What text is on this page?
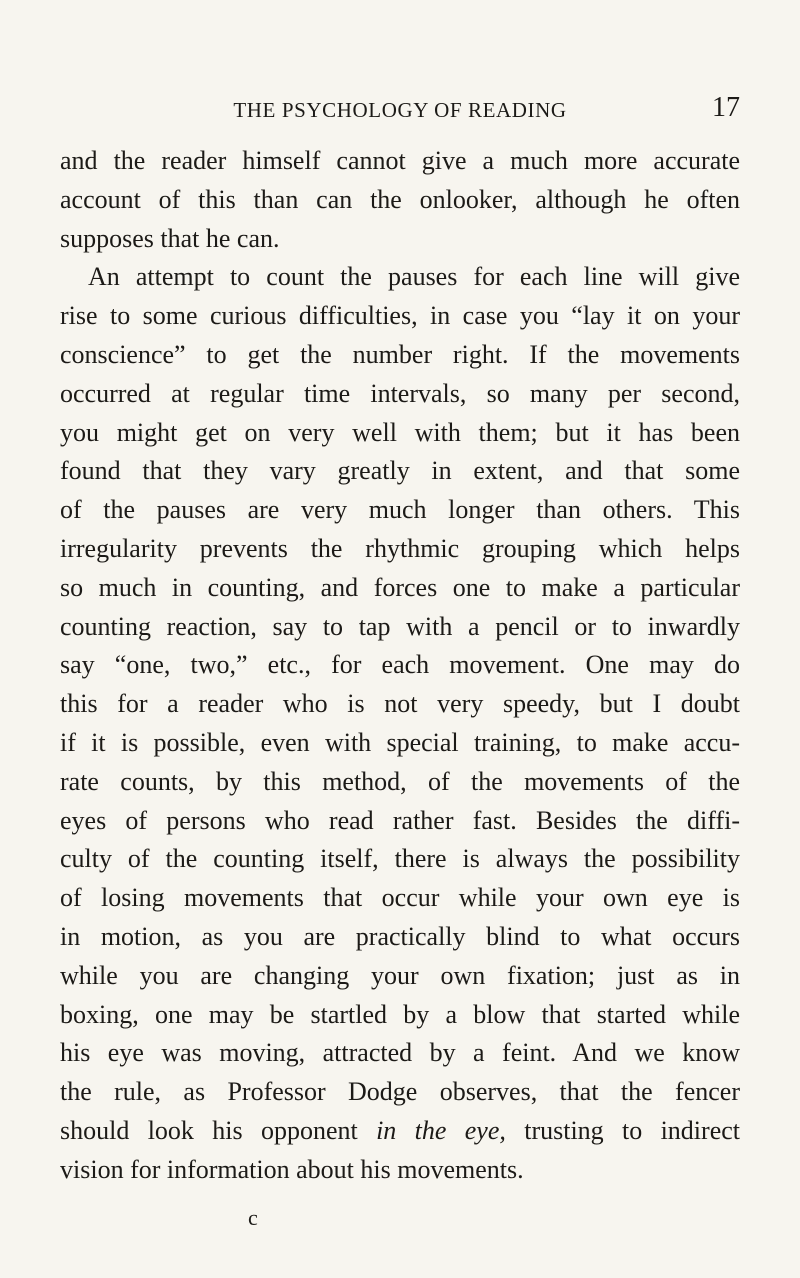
THE PSYCHOLOGY OF READING	17
and the reader himself cannot give a much more accurate
account of this than can the onlooker, although he often
supposes that he can.
An attempt to count the pauses for each line will give
rise to some curious difficulties, in case you “lay it on your
conscience” to get the number right. If the movements
occurred at regular time intervals, so many per second,
you might get on very well with them; but it has been
found that they vary greatly in extent, and that some
of the pauses are very much longer than others. This
irregularity prevents the rhythmic grouping which helps
so much in counting, and forces one to make a particular
counting reaction, say to tap with a pencil or to inwardly
say “one, two,” etc., for each movement. One may do
this for a reader who is not very speedy, but I doubt
if it is possible, even with special training, to make accu-
rate counts, by this method, of the movements of the
eyes of persons who read rather fast. Besides the diffi-
culty of the counting itself, there is always the possibility
of losing movements that occur while your own eye is
in motion, as you are practically blind to what occurs
while you are changing your own fixation; just as in
boxing, one may be startled by a blow that started while
his eye was moving, attracted by a feint. And we know
the rule, as Professor Dodge observes, that the fencer
should look his opponent in the eye, trusting to indirect
vision for information about his movements.
c
